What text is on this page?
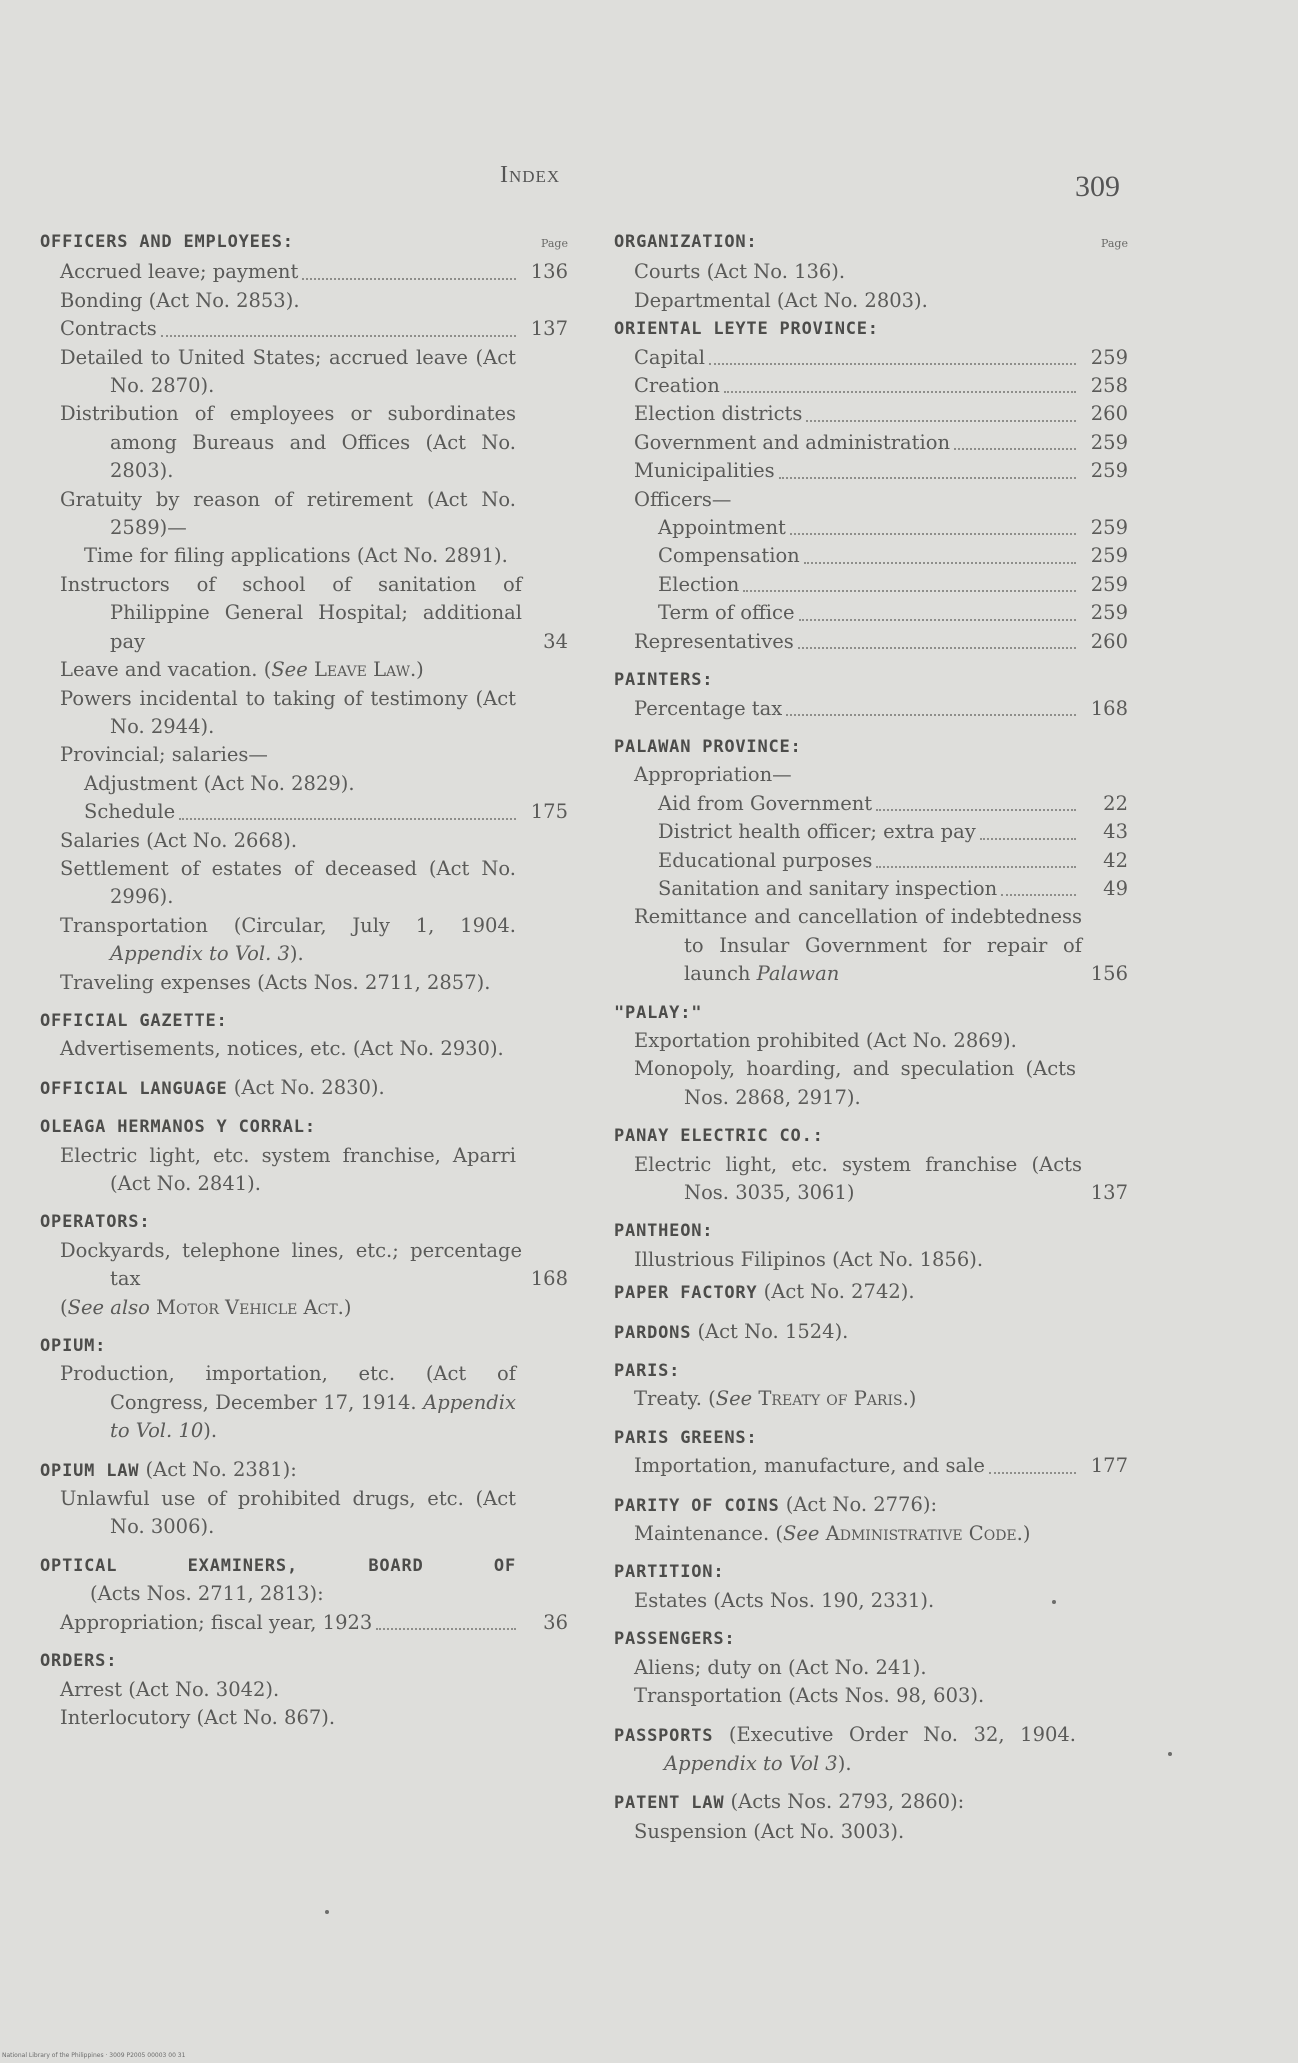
Index	309
OFFICERS AND EMPLOYEES:	Page
Accrued leave; payment	136
Bonding (Act No. 2853).
Contracts	137
Detailed to United States; accrued leave (Act No. 2870).
Distribution of employees or subordinates among Bureaus and Offices (Act No. 2803).
Gratuity by reason of retirement (Act No. 2589)—
Time for filing applications (Act No. 2891).
Instructors of school of sanitation of Philippine General Hospital; additional pay	34
Leave and vacation. (See Leave Law.)
Powers incidental to taking of testimony (Act No. 2944).
Provincial; salaries—
Adjustment (Act No. 2829).
Schedule	175
Salaries (Act No. 2668).
Settlement of estates of deceased (Act No. 2996).
Transportation (Circular, July 1, 1904. Appendix to Vol. 3).
Traveling expenses (Acts Nos. 2711, 2857).
OFFICIAL GAZETTE:
Advertisements, notices, etc. (Act No. 2930).
OFFICIAL LANGUAGE (Act No. 2830).
OLEAGA HERMANOS Y CORRAL:
Electric light, etc. system franchise, Aparri (Act No. 2841).
OPERATORS:
Dockyards, telephone lines, etc.; percentage tax	168
(See also Motor Vehicle Act.)
OPIUM:
Production, importation, etc. (Act of Congress, December 17, 1914. Appendix to Vol. 10).
OPIUM LAW (Act No. 2381):
Unlawful use of prohibited drugs, etc. (Act No. 3006).
OPTICAL EXAMINERS, BOARD OF
(Acts Nos. 2711, 2813):
Appropriation; fiscal year, 1923	36
ORDERS:
Arrest (Act No. 3042).
Interlocutory (Act No. 867).
ORGANIZATION:	Page
Courts (Act No. 136).
Departmental (Act No. 2803).
ORIENTAL LEYTE PROVINCE:
Capital	259
Creation	258
Election districts	260
Government and administration	259
Municipalities	259
Officers—
Appointment	259
Compensation	259
Election	259
Term of office	259
Representatives	260
PAINTERS:
Percentage tax	168
PALAWAN PROVINCE:
Appropriation—
Aid from Government	22
District health officer; extra pay	43
Educational purposes	42
Sanitation and sanitary inspection	49
Remittance and cancellation of indebtedness to Insular Government for repair of launch Palawan	156
"PALAY:"
Exportation prohibited (Act No. 2869).
Monopoly, hoarding, and speculation (Acts Nos. 2868, 2917).
PANAY ELECTRIC CO.:
Electric light, etc. system franchise (Acts Nos. 3035, 3061)	137
PANTHEON:
Illustrious Filipinos (Act No. 1856).
PAPER FACTORY (Act No. 2742).
PARDONS (Act No. 1524).
PARIS:
Treaty. (See Treaty of Paris.)
PARIS GREENS:
Importation, manufacture, and sale	177
PARITY OF COINS (Act No. 2776):
Maintenance. (See Administrative Code.)
PARTITION:
Estates (Acts Nos. 190, 2331).
PASSENGERS:
Aliens; duty on (Act No. 241).
Transportation (Acts Nos. 98, 603).
PASSPORTS (Executive Order No. 32, 1904. Appendix to Vol 3).
PATENT LAW (Acts Nos. 2793, 2860):
Suspension (Act No. 3003).
National Library of the Philippines · 3009 P2005 00003 00 31
